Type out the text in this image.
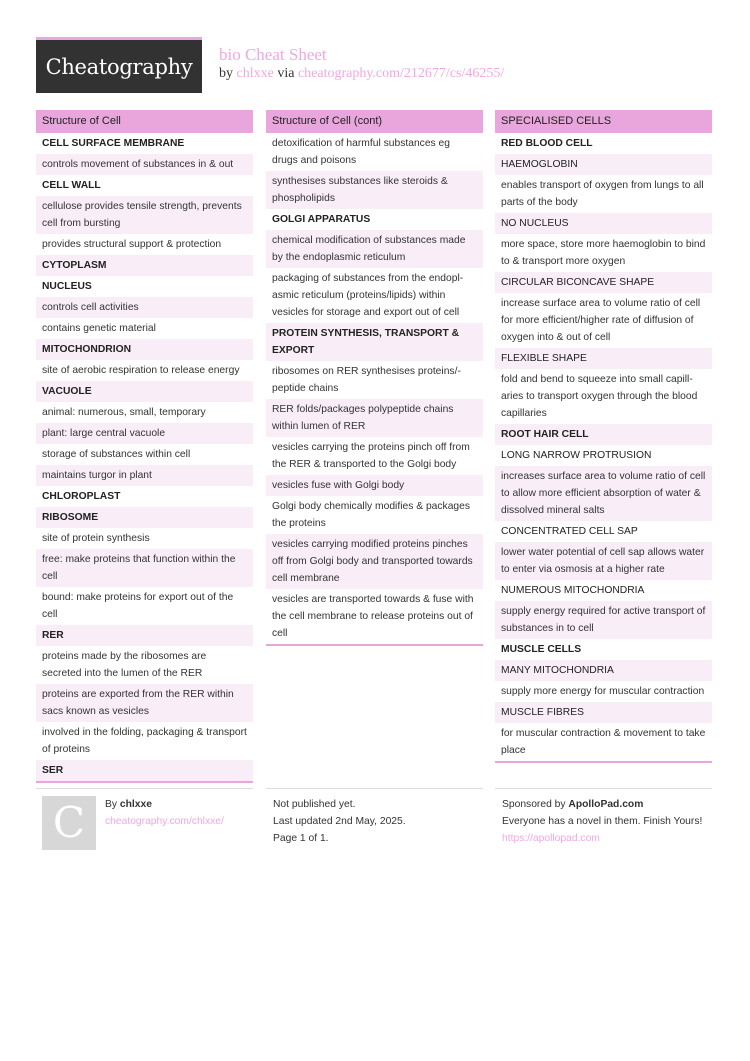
Cheatography
bio Cheat Sheet
by chlxxe via cheatography.com/212677/cs/46255/
Structure of Cell
CELL SURFACE MEMBRANE
controls movement of substances in & out
CELL WALL
cellulose provides tensile strength, prevents cell from bursting
provides structural support & protection
CYTOPLASM
NUCLEUS
controls cell activities
contains genetic material
MITOCHONDRION
site of aerobic respiration to release energy
VACUOLE
animal: numerous, small, temporary
plant: large central vacuole
storage of substances within cell
maintains turgor in plant
CHLOROPLAST
RIBOSOME
site of protein synthesis
free: make proteins that function within the cell
bound: make proteins for export out of the cell
RER
proteins made by the ribosomes are secreted into the lumen of the RER
proteins are exported from the RER within sacs known as vesicles
involved in the folding, packaging & transport of proteins
SER
Structure of Cell (cont)
detoxification of harmful substances eg drugs and poisons
synthesises substances like steroids & phospholipids
GOLGI APPARATUS
chemical modification of substances made by the endoplasmic reticulum
packaging of substances from the endoplasmic reticulum (proteins/lipids) within vesicles for storage and export out of cell
PROTEIN SYNTHESIS, TRANSPORT & EXPORT
ribosomes on RER synthesises proteins/peptide chains
RER folds/packages polypeptide chains within lumen of RER
vesicles carrying the proteins pinch off from the RER & transported to the Golgi body
vesicles fuse with Golgi body
Golgi body chemically modifies & packages the proteins
vesicles carrying modified proteins pinches off from Golgi body and transported towards cell membrane
vesicles are transported towards & fuse with the cell membrane to release proteins out of cell
SPECIALISED CELLS
RED BLOOD CELL
HAEMOGLOBIN
enables transport of oxygen from lungs to all parts of the body
NO NUCLEUS
more space, store more haemoglobin to bind to & transport more oxygen
CIRCULAR BICONCAVE SHAPE
increase surface area to volume ratio of cell for more efficient/higher rate of diffusion of oxygen into & out of cell
FLEXIBLE SHAPE
fold and bend to squeeze into small capillaries to transport oxygen through the blood capillaries
ROOT HAIR CELL
LONG NARROW PROTRUSION
increases surface area to volume ratio of cell to allow more efficient absorption of water & dissolved mineral salts
CONCENTRATED CELL SAP
lower water potential of cell sap allows water to enter via osmosis at a higher rate
NUMEROUS MITOCHONDRIA
supply energy required for active transport of substances in to cell
MUSCLE CELLS
MANY MITOCHONDRIA
supply more energy for muscular contraction
MUSCLE FIBRES
for muscular contraction & movement to take place
C	By chlxxe
cheatography.com/chlxxe/
Not published yet.
Last updated 2nd May, 2025.
Page 1 of 1.
Sponsored by ApolloPad.com
Everyone has a novel in them. Finish Yours!
https://apollopad.com
